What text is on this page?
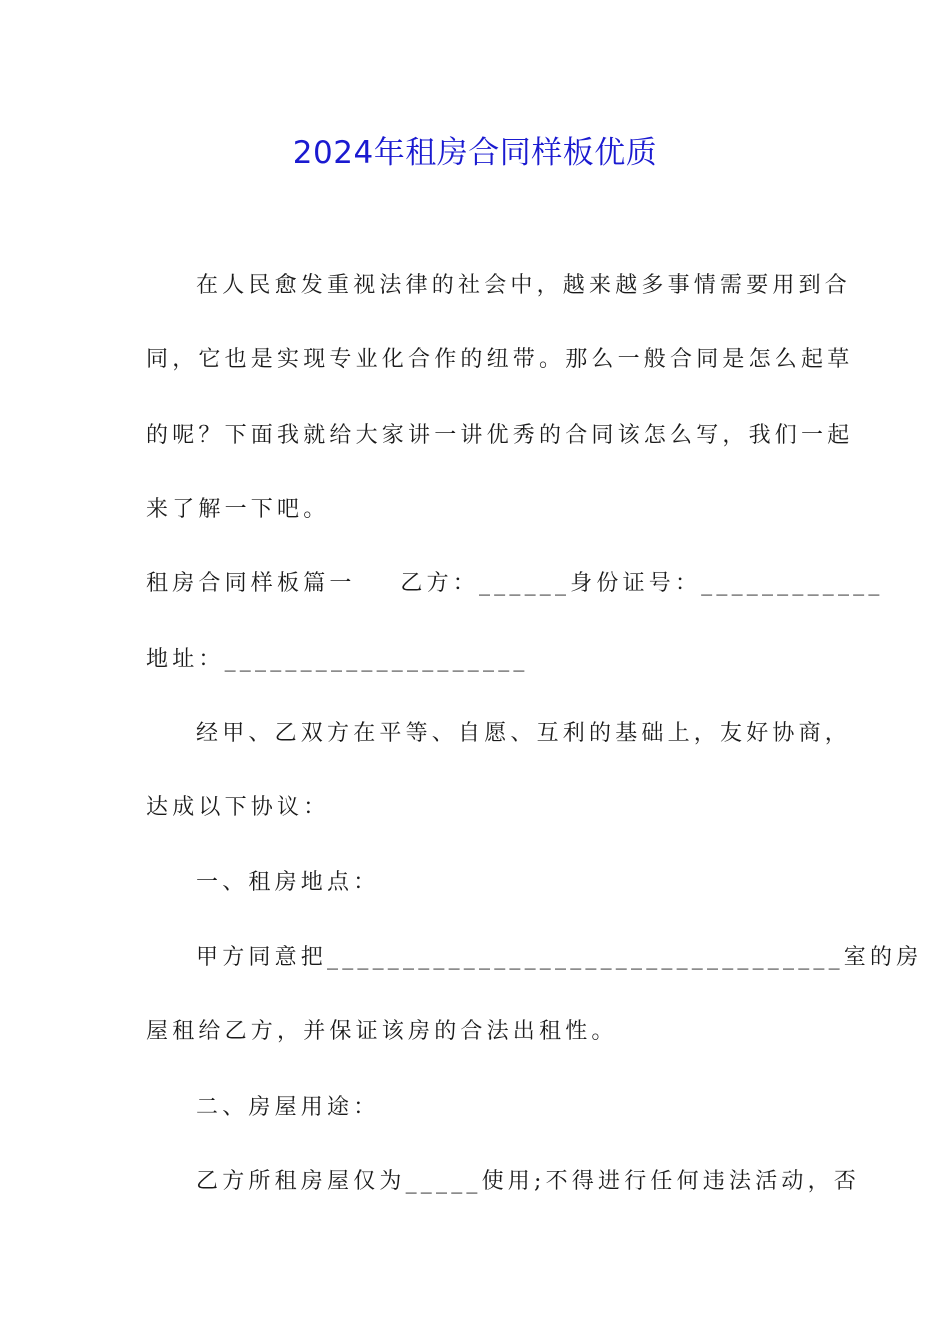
2024年租房合同样板优质
在人民愈发重视法律的社会中，越来越多事情需要用到合
同，它也是实现专业化合作的纽带。那么一般合同是怎么起草
的呢？下面我就给大家讲一讲优秀的合同该怎么写，我们一起
来了解一下吧。
租房合同样板篇一    乙方：______身份证号：____________
地址：____________________
经甲、乙双方在平等、自愿、互利的基础上，友好协商，
达成以下协议：
一、租房地点：
甲方同意把__________________________________室的房
屋租给乙方，并保证该房的合法出租性。
二、房屋用途：
乙方所租房屋仅为_____使用;不得进行任何违法活动，否
